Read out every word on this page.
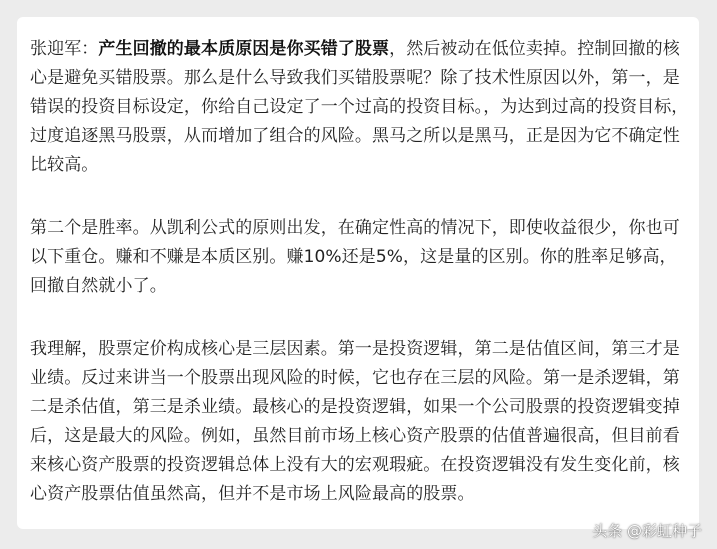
张迎军：产生回撤的最本质原因是你买错了股票，然后被动在低位卖掉。控制回撤的核心是避免买错股票。那么是什么导致我们买错股票呢？除了技术性原因以外，第一，是错误的投资目标设定，你给自己设定了一个过高的投资目标。，为达到过高的投资目标，过度追逐黑马股票，从而增加了组合的风险。黑马之所以是黑马，正是因为它不确定性比较高。

第二个是胜率。从凯利公式的原则出发，在确定性高的情况下，即使收益很少，你也可以下重仓。赚和不赚是本质区别。赚10%还是5%，这是量的区别。你的胜率足够高，回撤自然就小了。

我理解，股票定价构成核心是三层因素。第一是投资逻辑，第二是估值区间，第三才是业绩。反过来讲当一个股票出现风险的时候，它也存在三层的风险。第一是杀逻辑，第二是杀估值，第三是杀业绩。最核心的是投资逻辑，如果一个公司股票的投资逻辑变掉后，这是最大的风险。例如，虽然目前市场上核心资产股票的估值普遍很高，但目前看来核心资产股票的投资逻辑总体上没有大的宏观瑕疵。在投资逻辑没有发生变化前，核心资产股票估值虽然高，但并不是市场上风险最高的股票。

头条 @彩虹种子
